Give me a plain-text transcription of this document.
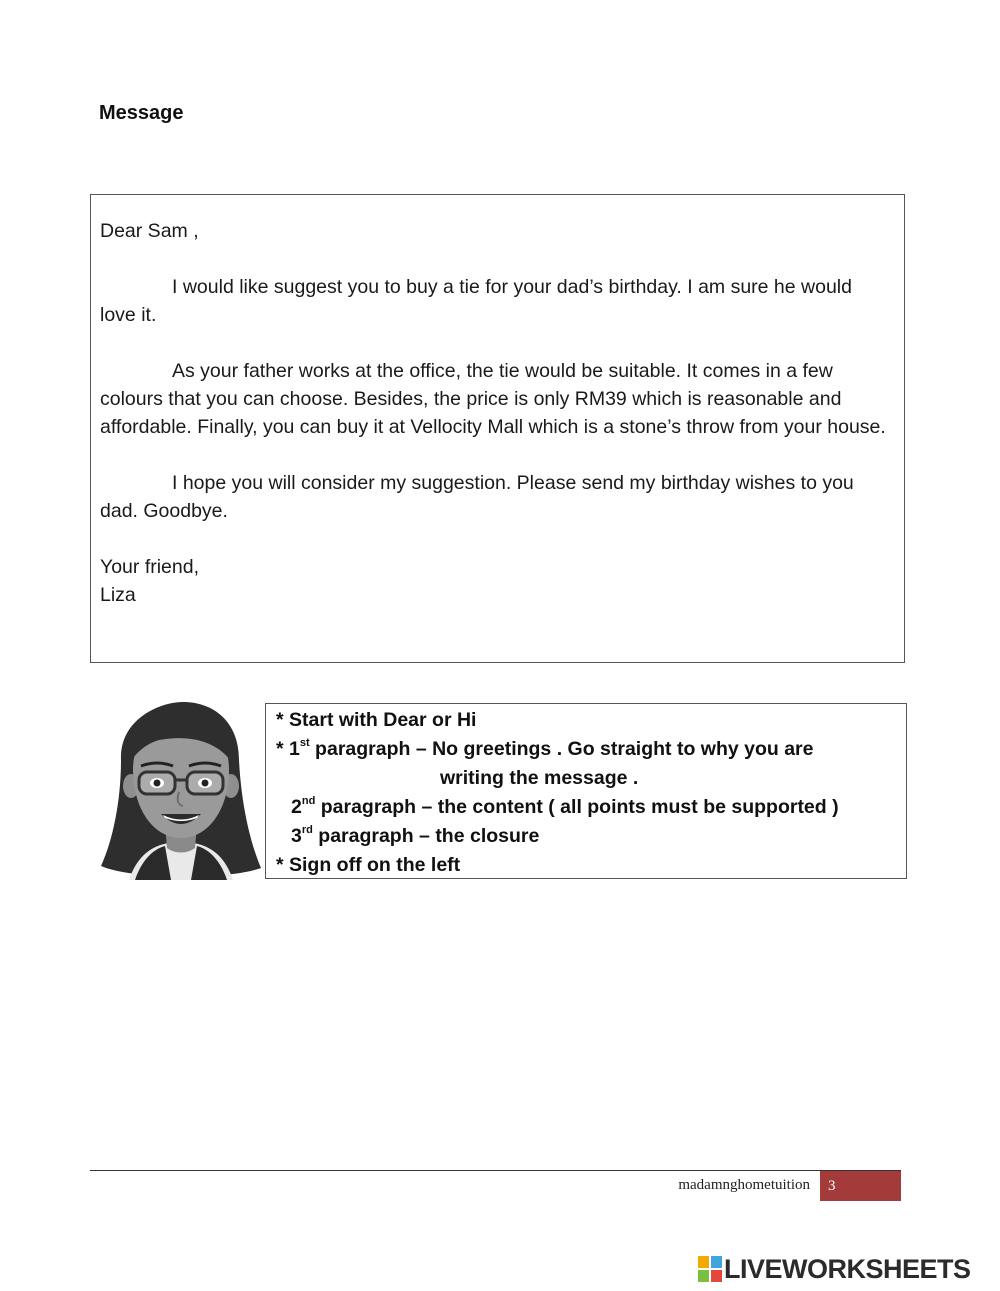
Message

Dear Sam ,

I would like suggest you to buy a tie for your dad’s birthday. I am sure he would love it.

As your father works at the office, the tie would be suitable. It comes in a few colours that you can choose. Besides, the price is only RM39 which is reasonable and affordable. Finally, you can buy it at Vellocity Mall which is a stone’s throw from your house.

I hope you will consider my suggestion. Please send my birthday wishes to you dad. Goodbye.

Your friend,
Liza

* Start with Dear or Hi
* 1st paragraph – No greetings . Go straight to why you are
writing the message .
2nd paragraph – the content ( all points must be supported )
3rd paragraph – the closure
* Sign off on the left
madamnghometuition	3
LIVEWORKSHEETS
